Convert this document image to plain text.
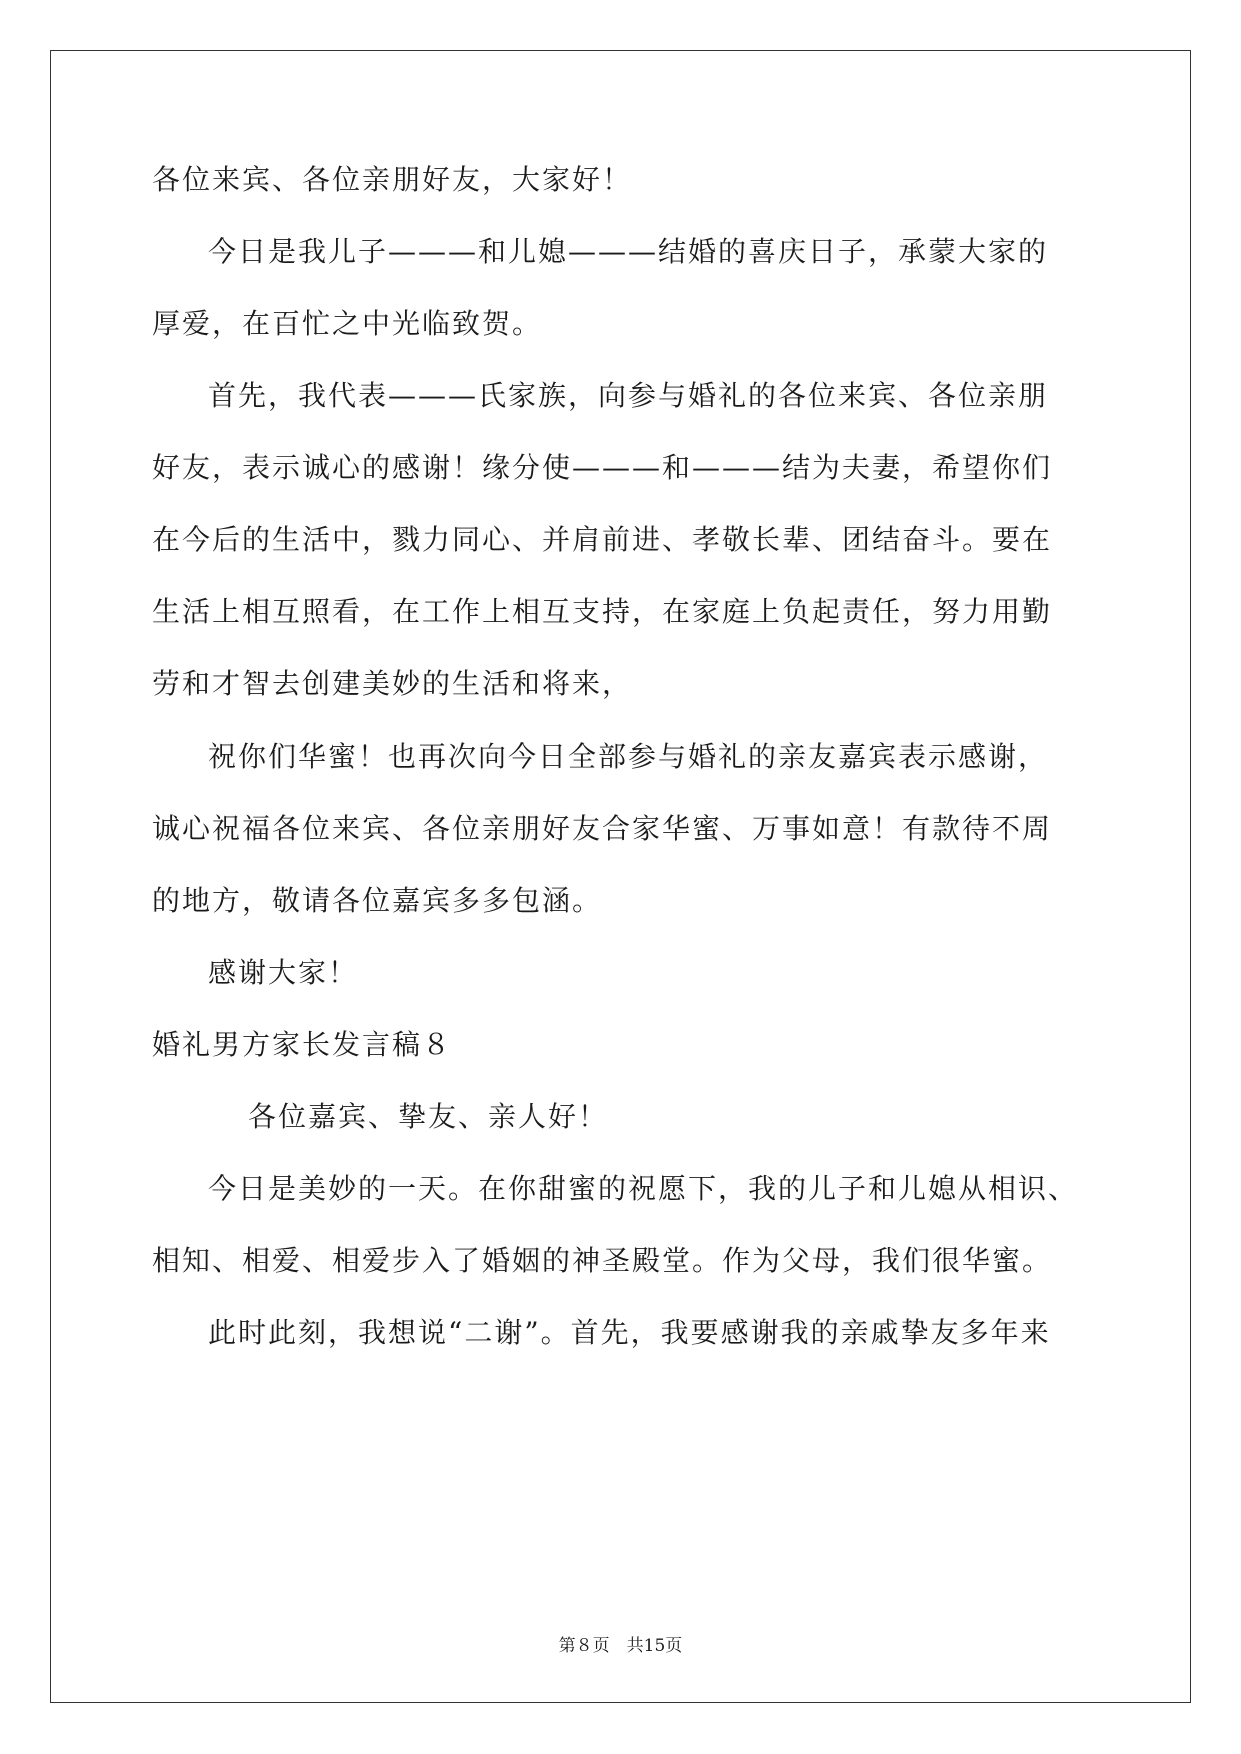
各位来宾、各位亲朋好友，大家好！
今日是我儿子———和儿媳———结婚的喜庆日子，承蒙大家的
厚爱，在百忙之中光临致贺。
首先，我代表———氏家族，向参与婚礼的各位来宾、各位亲朋
好友，表示诚心的感谢！缘分使———和———结为夫妻，希望你们
在今后的生活中，戮力同心、并肩前进、孝敬长辈、团结奋斗。要在
生活上相互照看，在工作上相互支持，在家庭上负起责任，努力用勤
劳和才智去创建美妙的生活和将来，
祝你们华蜜！也再次向今日全部参与婚礼的亲友嘉宾表示感谢，
诚心祝福各位来宾、各位亲朋好友合家华蜜、万事如意！有款待不周
的地方，敬请各位嘉宾多多包涵。
感谢大家！
婚礼男方家长发言稿８
各位嘉宾、挚友、亲人好！
今日是美妙的一天。在你甜蜜的祝愿下，我的儿子和儿媳从相识、
相知、相爱、相爱步入了婚姻的神圣殿堂。作为父母，我们很华蜜。
此时此刻，我想说“二谢”。首先，我要感谢我的亲戚挚友多年来
第８页　共15页
